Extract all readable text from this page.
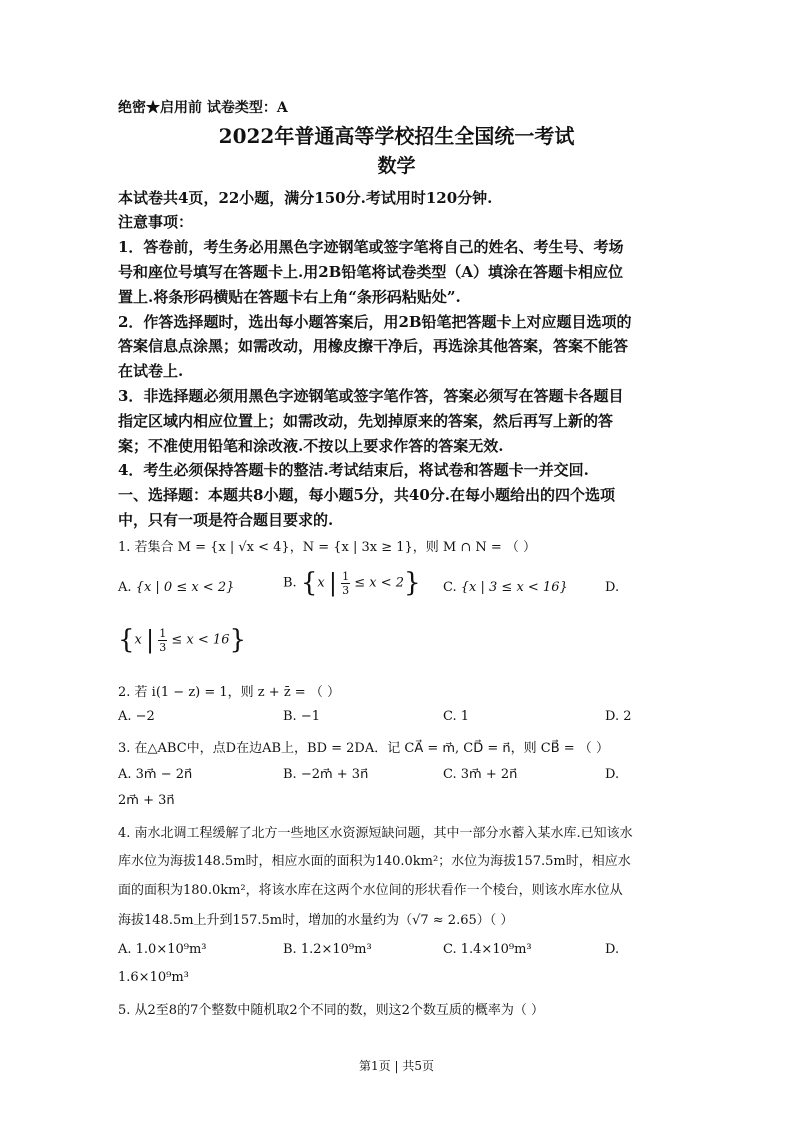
绝密★启用前 试卷类型：A
2022年普通高等学校招生全国统一考试
数学
本试卷共4页，22小题，满分150分.考试用时120分钟.
注意事项：
1．答卷前，考生务必用黑色字迹钢笔或签字笔将自己的姓名、考生号、考场
号和座位号填写在答题卡上.用2B铅笔将试卷类型（A）填涂在答题卡相应位
置上.将条形码横贴在答题卡右上角“条形码粘贴处”.
2．作答选择题时，选出每小题答案后，用2B铅笔把答题卡上对应题目选项的
答案信息点涂黑；如需改动，用橡皮擦干净后，再选涂其他答案，答案不能答
在试卷上.
3．非选择题必须用黑色字迹钢笔或签字笔作答，答案必须写在答题卡各题目
指定区域内相应位置上；如需改动，先划掉原来的答案，然后再写上新的答
案；不准使用铅笔和涂改液.不按以上要求作答的答案无效.
4．考生必须保持答题卡的整洁.考试结束后，将试卷和答题卡一并交回.
一、选择题：本题共8小题，每小题5分，共40分.在每小题给出的四个选项
中，只有一项是符合题目要求的.
1. 若集合 M = {x | √x < 4}，N = {x | 3x ≥ 1}，则 M ∩ N = （ ）
A. {x | 0 ≤ x < 2}	B. {x | $\frac{1}{3} \le x < 2$} C. {x | 3 ≤ x < 16}	D.
{x | $\frac{1}{3} \le x < 16$}
2. 若 i(1 − z) = 1，则 z + z̄ = （ ）
A. −2	B. −1	C. 1	D. 2
3. 在△ABC中，点D在边AB上，BD = 2DA．记 CA⃗ = m⃗, CD⃗ = n⃗，则 CB⃗ = （ ）
A. 3m⃗ − 2n⃗	B. −2m⃗ + 3n⃗	C. 3m⃗ + 2n⃗	D.
2m⃗ + 3n⃗
4. 南水北调工程缓解了北方一些地区水资源短缺问题，其中一部分水蓄入某水库.已知该水
库水位为海拔148.5m时，相应水面的面积为140.0km²；水位为海拔157.5m时，相应水
面的面积为180.0km²，将该水库在这两个水位间的形状看作一个棱台，则该水库水位从
海拔148.5m上升到157.5m时，增加的水量约为（√7 ≈ 2.65）（ ）
A. 1.0×10⁹m³	B. 1.2×10⁹m³	C. 1.4×10⁹m³	D.
1.6×10⁹m³
5. 从2至8的7个整数中随机取2个不同的数，则这2个数互质的概率为（ ）
第1页 | 共5页
